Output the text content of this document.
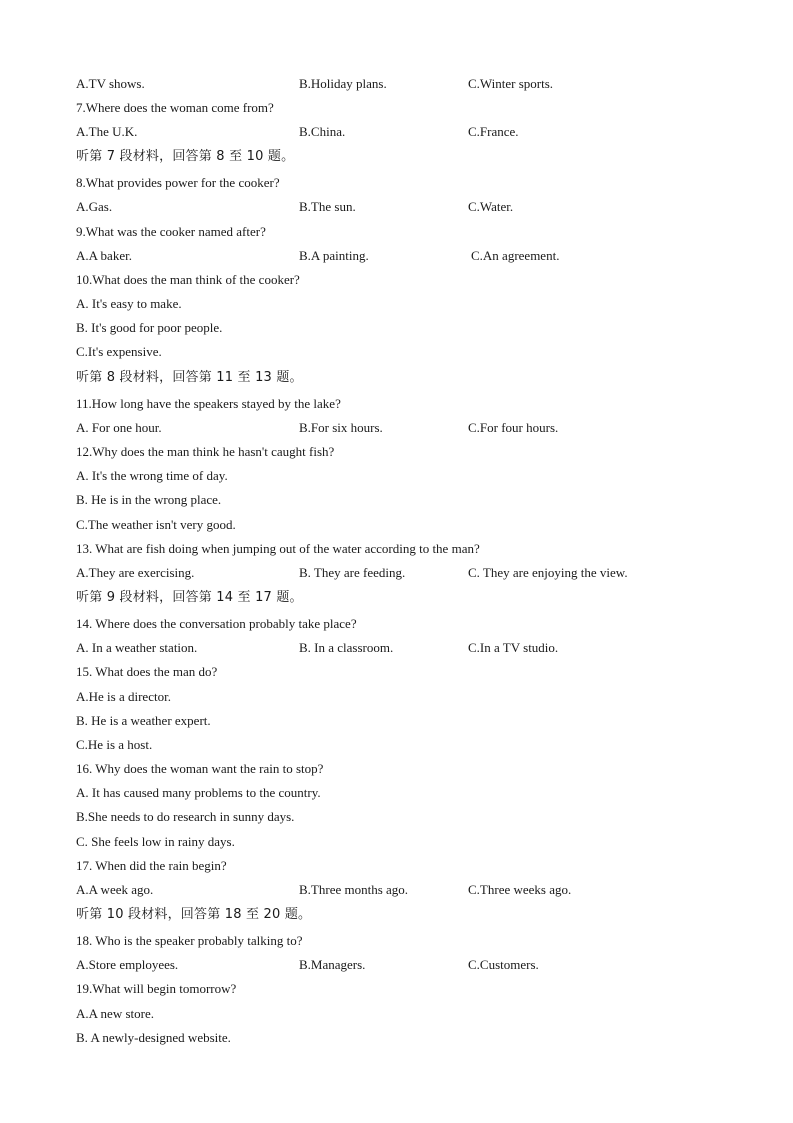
A.TV shows.	B.Holiday plans.	C.Winter sports.
7.Where does the woman come from?
A.The U.K.	B.China.	C.France.
听第 7 段材料，回答第 8 至 10 题。
8.What provides power for the cooker?
A.Gas.	B.The sun.	C.Water.
9.What was the cooker named after?
A.A baker.	B.A painting.	C.An agreement.
10.What does the man think of the cooker?
A. It's easy to make.
B. It's good for poor people.
C.It's expensive.
听第 8 段材料，回答第 11 至 13 题。
11.How long have the speakers stayed by the lake?
A. For one hour.	B.For six hours.	C.For four hours.
12.Why does the man think he hasn't caught fish?
A. It's the wrong time of day.
B. He is in the wrong place.
C.The weather isn't very good.
13. What are fish doing when jumping out of the water according to the man?
A.They are exercising.	B. They are feeding.	C. They are enjoying the view.
听第 9 段材料，回答第 14 至 17 题。
14. Where does the conversation probably take place?
A. In a weather station.	B. In a classroom.	C.In a TV studio.
15. What does the man do?
A.He is a director.
B. He is a weather expert.
C.He is a host.
16. Why does the woman want the rain to stop?
A. It has caused many problems to the country.
B.She needs to do research in sunny days.
C. She feels low in rainy days.
17. When did the rain begin?
A.A week ago.	B.Three months ago.	C.Three weeks ago.
听第 10 段材料，回答第 18 至 20 题。
18. Who is the speaker probably talking to?
A.Store employees.	B.Managers.	C.Customers.
19.What will begin tomorrow?
A.A new store.
B. A newly-designed website.
